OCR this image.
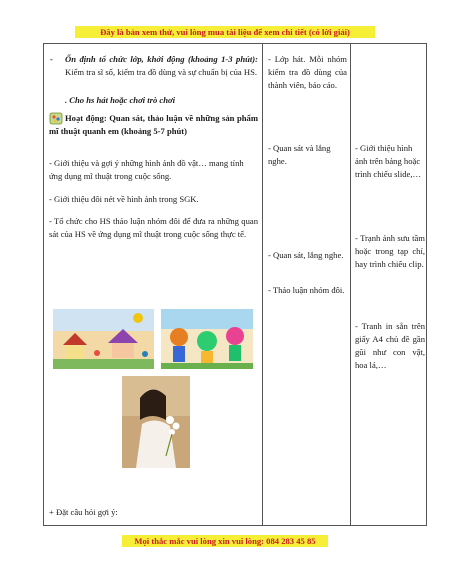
Đây là bản xem thử, vui lòng mua tài liệu để xem chi tiết (có lời giải)
- Ổn định tổ chức lớp, khởi động (khoảng 1-3 phút): Kiểm tra sĩ số, kiểm tra đồ dùng và sự chuẩn bị của HS.
. Cho hs hát hoặc chơi trò chơi
Hoạt động: Quan sát, thảo luận về những sản phẩm mĩ thuật quanh em (khoảng 5-7 phút)
- Giới thiệu và gợi ý những hình ảnh đồ vật… mang tính ứng dụng mĩ thuật trong cuộc sống.
- Giới thiệu đôi nét về hình ảnh trong SGK.
- Tổ chức cho HS thảo luận nhóm đôi để đưa ra những quan sát của HS về ứng dụng mĩ thuật trong cuộc sống thực tế.
+ Đặt câu hỏi gợi ý:
- Lớp hát. Mỗi nhóm kiểm tra đồ dùng của thành viên, báo cáo.
- Quan sát và lắng nghe.
- Quan sát, lắng nghe.
- Thảo luận nhóm đôi.
- Giới thiệu hình ảnh trên bảng hoặc trình chiếu slide,…
- Trạnh ảnh sưu tầm hoặc trong tạp chí, hay trình chiếu clip.
- Tranh in sẵn trên giấy A4 chủ đề gần gũi như con vật, hoa lá,…
Mọi thắc mắc vui lòng xin vui lòng: 084 283 45 85
